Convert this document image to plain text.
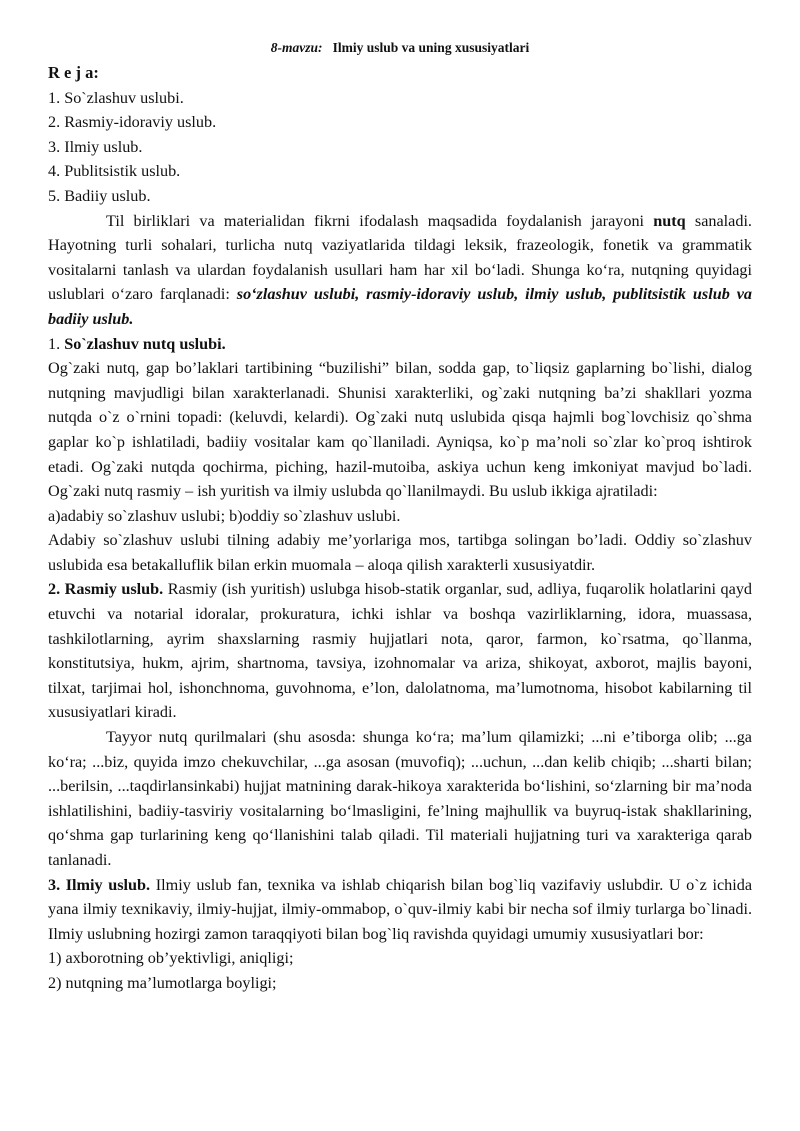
8-mavzu: Ilmiy uslub va uning xususiyatlari
R e j a:
1. So`zlashuv uslubi.
2. Rasmiy-idoraviy uslub.
3. Ilmiy uslub.
4. Publitsistik uslub.
5. Badiiy uslub.

Til birliklari va materialidan fikrni ifodalash maqsadida foydalanish jarayoni nutq sanaladi. Hayotning turli sohalari, turlicha nutq vaziyatlarida tildagi leksik, frazeologik, fonetik va grammatik vositalarni tanlash va ulardan foydalanish usullari ham har xil bo‘ladi. Shunga ko‘ra, nutqning quyidagi uslublari o‘zaro farqlanadi: so‘zlashuv uslubi, rasmiy-idoraviy uslub, ilmiy uslub, publitsistik uslub va badiiy uslub.

1. So`zlashuv nutq uslubi.

Og`zaki nutq, gap bo’laklari tartibining “buzilishi” bilan, sodda gap, to`liqsiz gaplarning bo`lishi, dialog nutqning mavjudligi bilan xarakterlanadi. Shunisi xarakterliki, og`zaki nutqning ba’zi shakllari yozma nutqda o`z o`rnini topadi: (keluvdi, kelardi). Og`zaki nutq uslubida qisqa hajmli bog`lovchisiz qo`shma gaplar ko`p ishlatiladi, badiiy vositalar kam qo`llaniladi. Ayniqsa, ko`p ma’noli so`zlar ko`proq ishtirok etadi. Og`zaki nutqda qochirma, piching, hazil-mutoiba, askiya uchun keng imkoniyat mavjud bo`ladi. Og`zaki nutq rasmiy – ish yuritish va ilmiy uslubda qo`llanilmaydi. Bu uslub ikkiga ajratiladi:

a)adabiy so`zlashuv uslubi; b)oddiy so`zlashuv uslubi.

Adabiy so`zlashuv uslubi tilning adabiy me’yorlariga mos, tartibga solingan bo’ladi. Oddiy so`zlashuv uslubida esa betakalluflik bilan erkin muomala – aloqa qilish xarakterli xususiyatdir.

2. Rasmiy uslub. Rasmiy (ish yuritish) uslubga hisob-statik organlar, sud, adliya, fuqarolik holatlarini qayd etuvchi va notarial idoralar, prokuratura, ichki ishlar va boshqa vazirliklarning, idora, muassasa, tashkilotlarning, ayrim shaxslarning rasmiy hujjatlari nota, qaror, farmon, ko`rsatma, qo`llanma, konstitutsiya, hukm, ajrim, shartnoma, tavsiya, izohnomalar va ariza, shikoyat, axborot, majlis bayoni, tilxat, tarjimai hol, ishonchnoma, guvohnoma, e’lon, dalolatnoma, ma’lumotnoma, hisobot kabilarning til xususiyatlari kiradi.

Tayyor nutq qurilmalari (shu asosda: shunga ko‘ra; ma’lum qilamizki; ...ni e’tiborga olib; ...ga ko‘ra; ...biz, quyida imzo chekuvchilar, ...ga asosan (muvofiq); ...uchun, ...dan kelib chiqib; ...sharti bilan; ...berilsin, ...taqdirlansinkabi) hujjat matnining darak-hikoya xarakterida bo‘lishini, so‘zlarning bir ma’noda ishlatilishini, badiiy-tasviriy vositalarning bo‘lmasligini, fe’lning majhullik va buyruq-istak shakllarining, qo‘shma gap turlarining keng qo‘llanishini talab qiladi. Til materiali hujjatning turi va xarakteriga qarab tanlanadi.

3. Ilmiy uslub. Ilmiy uslub fan, texnika va ishlab chiqarish bilan bog`liq vazifaviy uslubdir. U o`z ichida yana ilmiy texnikaviy, ilmiy-hujjat, ilmiy-ommabop, o`quv-ilmiy kabi bir necha sof ilmiy turlarga bo`linadi. Ilmiy uslubning hozirgi zamon taraqqiyoti bilan bog`liq ravishda quyidagi umumiy xususiyatlari bor:

1) axborotning ob’yektivligi, aniqligi;
2) nutqning ma’lumotlarga boyligi;
